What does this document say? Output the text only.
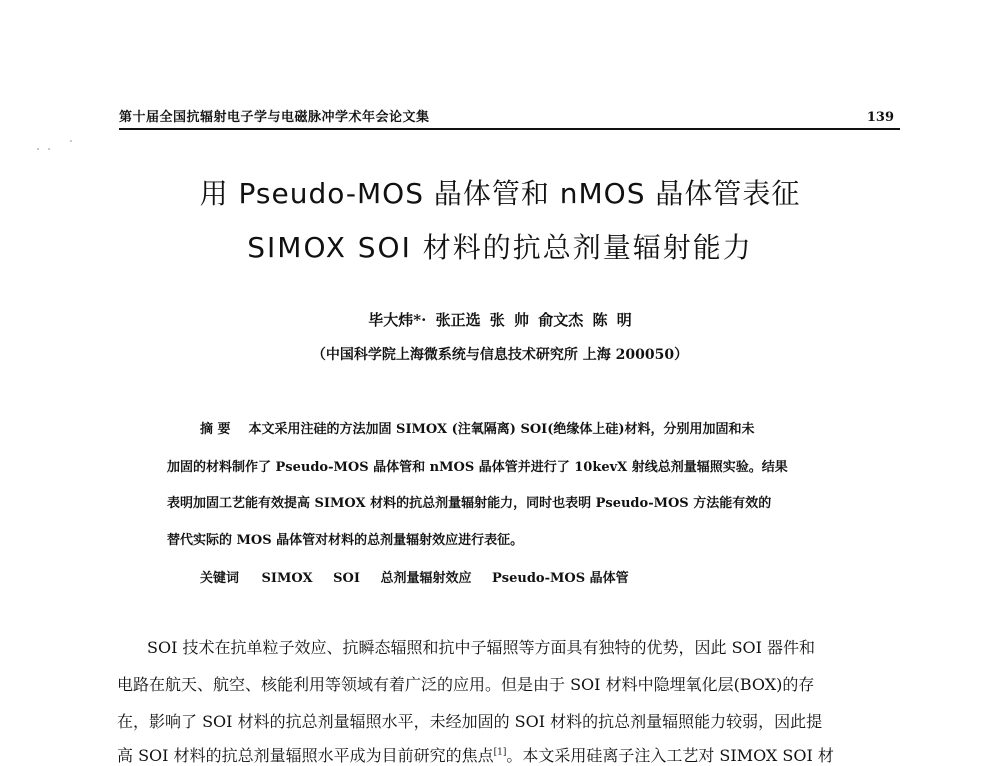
第十届全国抗辐射电子学与电磁脉冲学术年会论文集	139
用 Pseudo-MOS 晶体管和 nMOS 晶体管表征
SIMOX SOI 材料的抗总剂量辐射能力
毕大炜*· 张正选 张 帅 俞文杰 陈 明
（中国科学院上海微系统与信息技术研究所 上海 200050）
摘 要 本文采用注硅的方法加固 SIMOX (注氧隔离) SOI(绝缘体上硅)材料，分别用加固和未
加固的材料制作了 Pseudo-MOS 晶体管和 nMOS 晶体管并进行了 10kevX 射线总剂量辐照实验。结果
表明加固工艺能有效提高 SIMOX 材料的抗总剂量辐射能力，同时也表明 Pseudo-MOS 方法能有效的
替代实际的 MOS 晶体管对材料的总剂量辐射效应进行表征。
关键词 SIMOX SOI 总剂量辐射效应 Pseudo-MOS 晶体管
SOI 技术在抗单粒子效应、抗瞬态辐照和抗中子辐照等方面具有独特的优势，因此 SOI 器件和
电路在航天、航空、核能利用等领域有着广泛的应用。但是由于 SOI 材料中隐埋氧化层(BOX)的存
在，影响了 SOI 材料的抗总剂量辐照水平，未经加固的 SOI 材料的抗总剂量辐照能力较弱，因此提
高 SOI 材料的抗总剂量辐照水平成为目前研究的焦点[1]。本文采用硅离子注入工艺对 SIMOX SOI 材
